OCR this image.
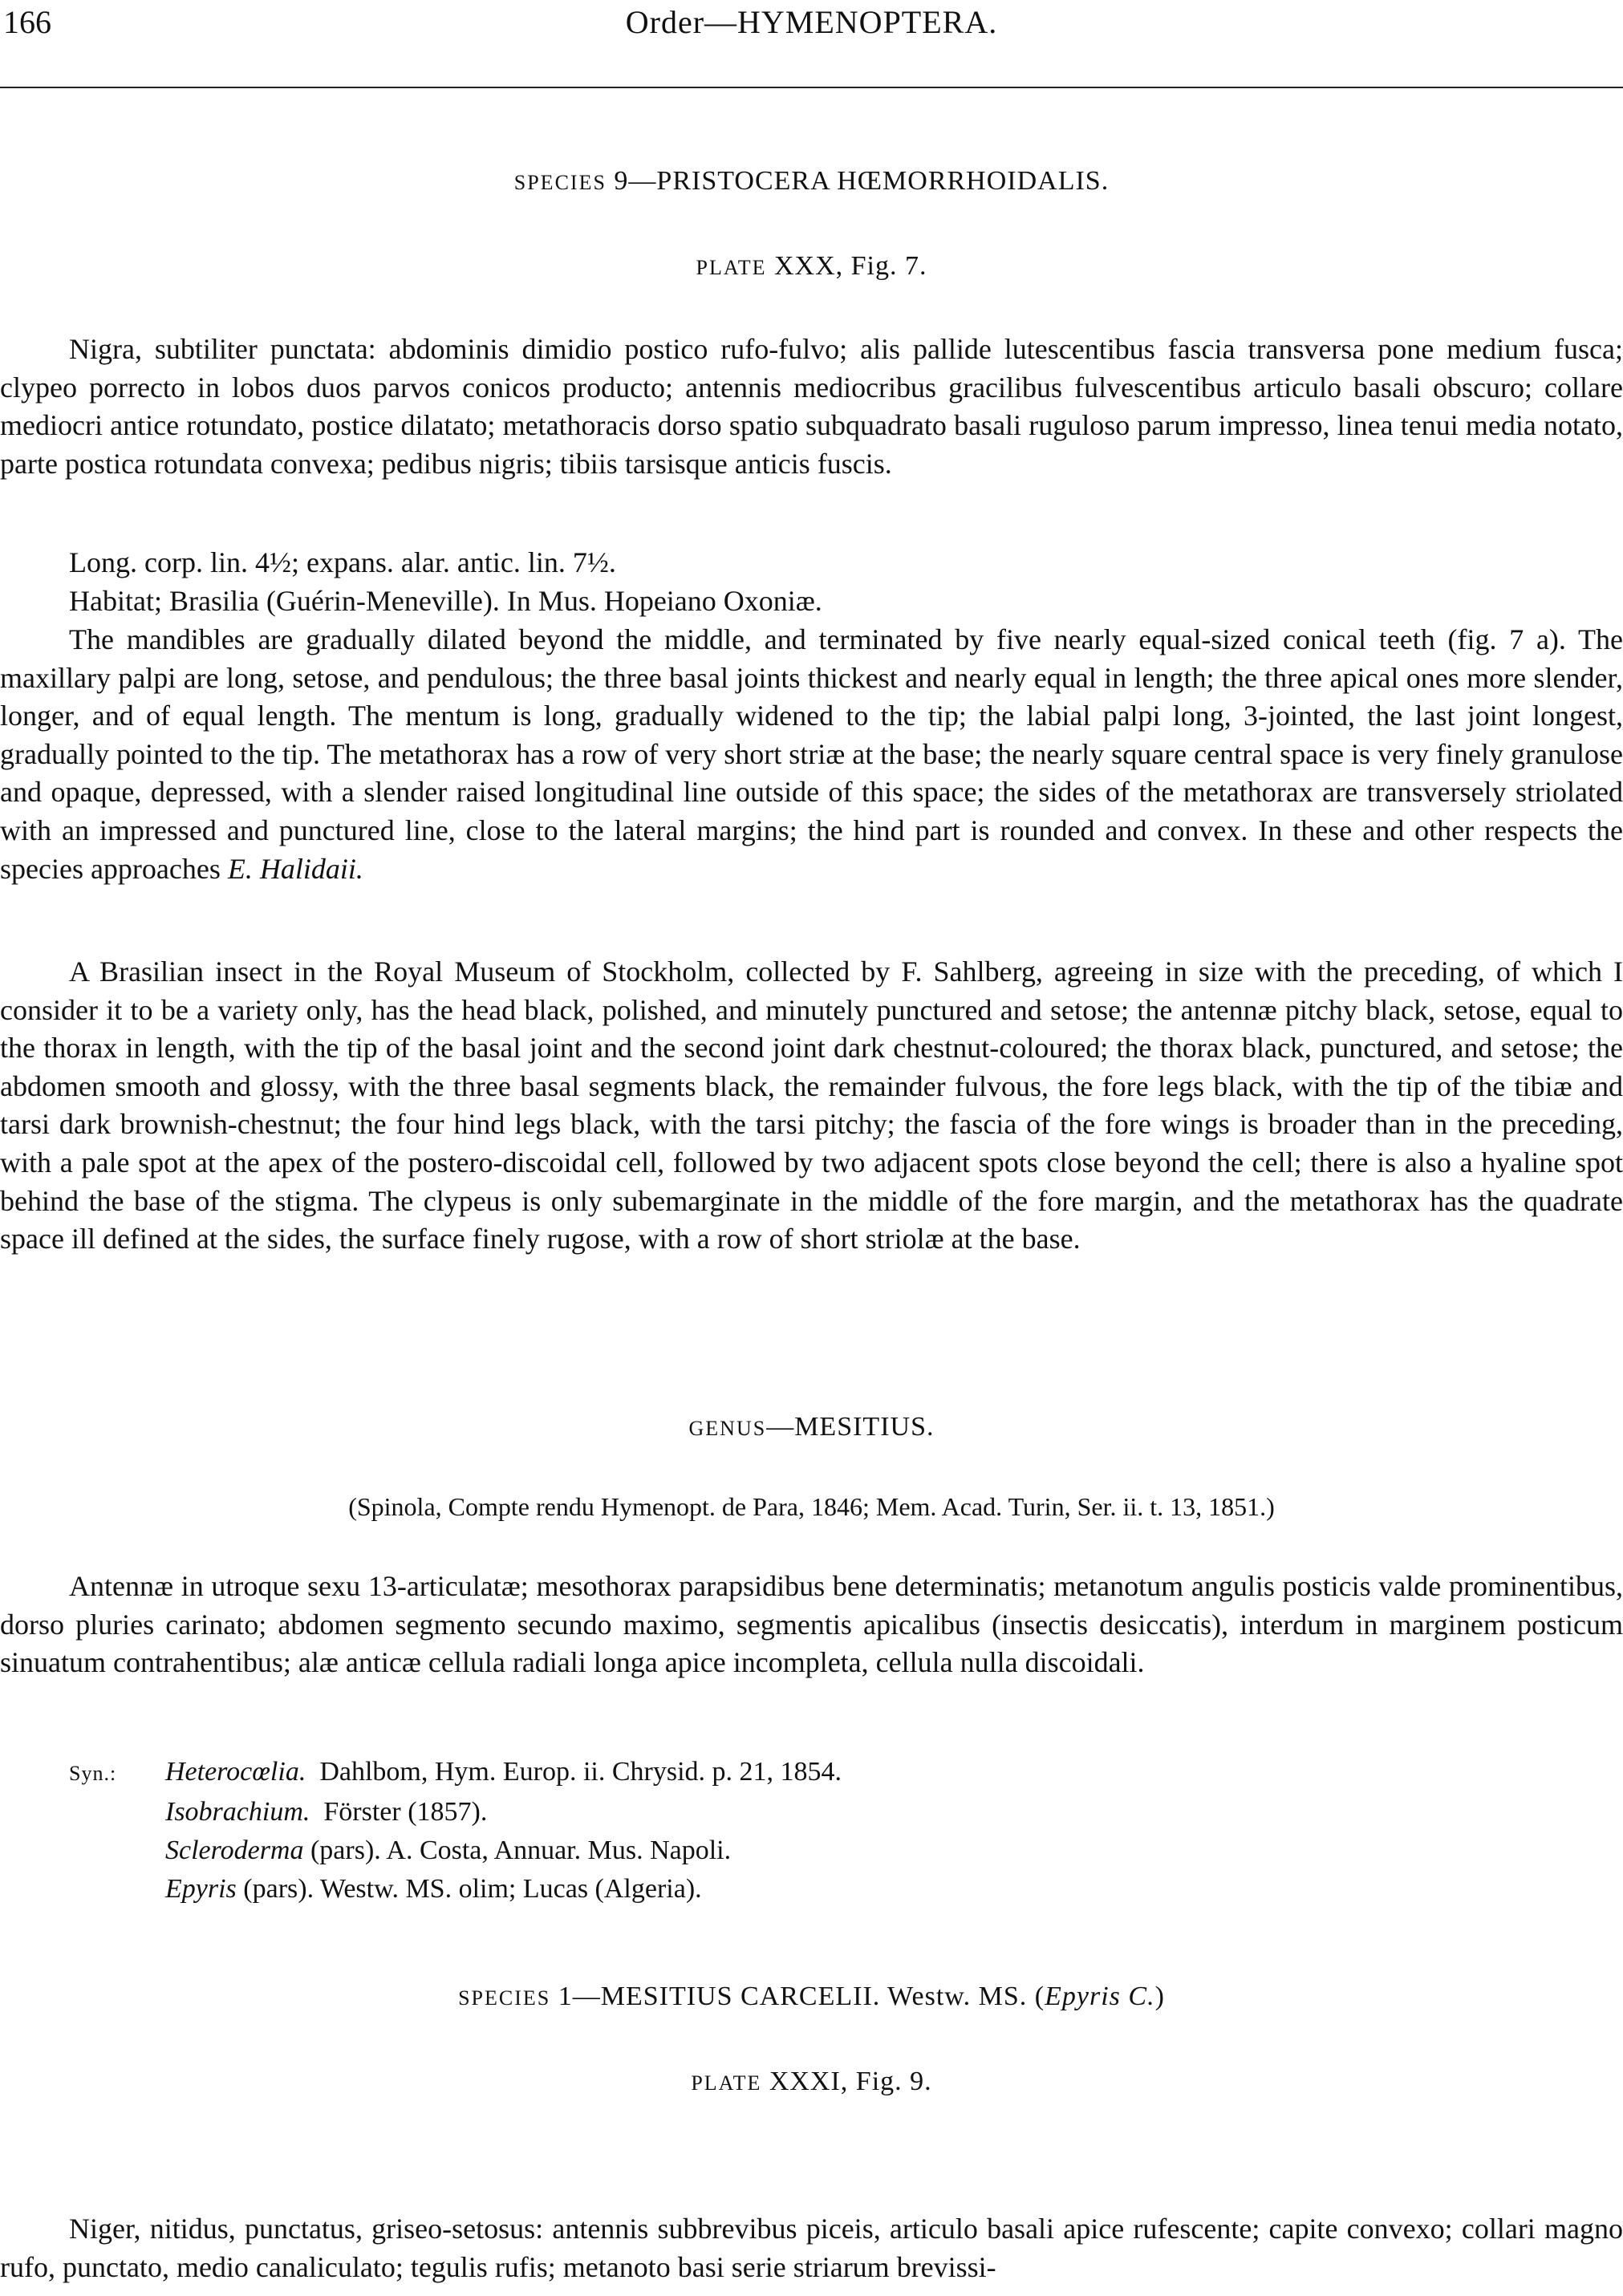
166	Order—HYMENOPTERA.
SPECIES 9—PRISTOCERA HŒMORRHOIDALIS.
PLATE XXX, Fig. 7.

Nigra, subtiliter punctata: abdominis dimidio postico rufo-fulvo; alis pallide lutescentibus fascia transversa pone medium fusca; clypeo porrecto in lobos duos parvos conicos producto; antennis mediocribus gracilibus fulvescentibus articulo basali obscuro; collare mediocri antice rotundato, postice dilatato; metathoracis dorso spatio subquadrato basali ruguloso parum impresso, linea tenui media notato, parte postica rotundata convexa; pedibus nigris; tibiis tarsisque anticis fuscis.

Long. corp. lin. 4½; expans. alar. antic. lin. 7½.

Habitat; Brasilia (Guérin-Meneville). In Mus. Hopeiano Oxoniæ.

The mandibles are gradually dilated beyond the middle, and terminated by five nearly equal-sized conical teeth (fig. 7 a). The maxillary palpi are long, setose, and pendulous; the three basal joints thickest and nearly equal in length; the three apical ones more slender, longer, and of equal length. The mentum is long, gradually widened to the tip; the labial palpi long, 3-jointed, the last joint longest, gradually pointed to the tip. The metathorax has a row of very short striæ at the base; the nearly square central space is very finely granulose and opaque, depressed, with a slender raised longitudinal line outside of this space; the sides of the metathorax are transversely striolated with an impressed and punctured line, close to the lateral margins; the hind part is rounded and convex. In these and other respects the species approaches E. Halidaii.

A Brasilian insect in the Royal Museum of Stockholm, collected by F. Sahlberg, agreeing in size with the preceding, of which I consider it to be a variety only, has the head black, polished, and minutely punctured and setose; the antennæ pitchy black, setose, equal to the thorax in length, with the tip of the basal joint and the second joint dark chestnut-coloured; the thorax black, punctured, and setose; the abdomen smooth and glossy, with the three basal segments black, the remainder fulvous, the fore legs black, with the tip of the tibiæ and tarsi dark brownish-chestnut; the four hind legs black, with the tarsi pitchy; the fascia of the fore wings is broader than in the preceding, with a pale spot at the apex of the postero-discoidal cell, followed by two adjacent spots close beyond the cell; there is also a hyaline spot behind the base of the stigma. The clypeus is only subemarginate in the middle of the fore margin, and the metathorax has the quadrate space ill defined at the sides, the surface finely rugose, with a row of short striolæ at the base.

GENUS—MESITIUS.
(Spinola, Compte rendu Hymenopt. de Para, 1846; Mem. Acad. Turin, Ser. ii. t. 13, 1851.)

Antennæ in utroque sexu 13-articulatæ; mesothorax parapsidibus bene determinatis; metanotum angulis posticis valde prominentibus, dorso pluries carinato; abdomen segmento secundo maximo, segmentis apicalibus (insectis desiccatis), interdum in marginem posticum sinuatum contrahentibus; alæ anticæ cellula radiali longa apice incompleta, cellula nulla discoidali.

Syn.: Heterocœlia. Dahlbom, Hym. Europ. ii. Chrysid. p. 21, 1854.
Isobrachium. Förster (1857).
Scleroderma (pars). A. Costa, Annuar. Mus. Napoli.
Epyris (pars). Westw. MS. olim; Lucas (Algeria).
SPECIES 1—MESITIUS CARCELII. Westw. MS. (Epyris C.)
PLATE XXXI, Fig. 9.

Niger, nitidus, punctatus, griseo-setosus: antennis subbrevibus piceis, articulo basali apice rufescente; capite convexo; collari magno rufo, punctato, medio canaliculato; tegulis rufis; metanoto basi serie striarum brevissi-
